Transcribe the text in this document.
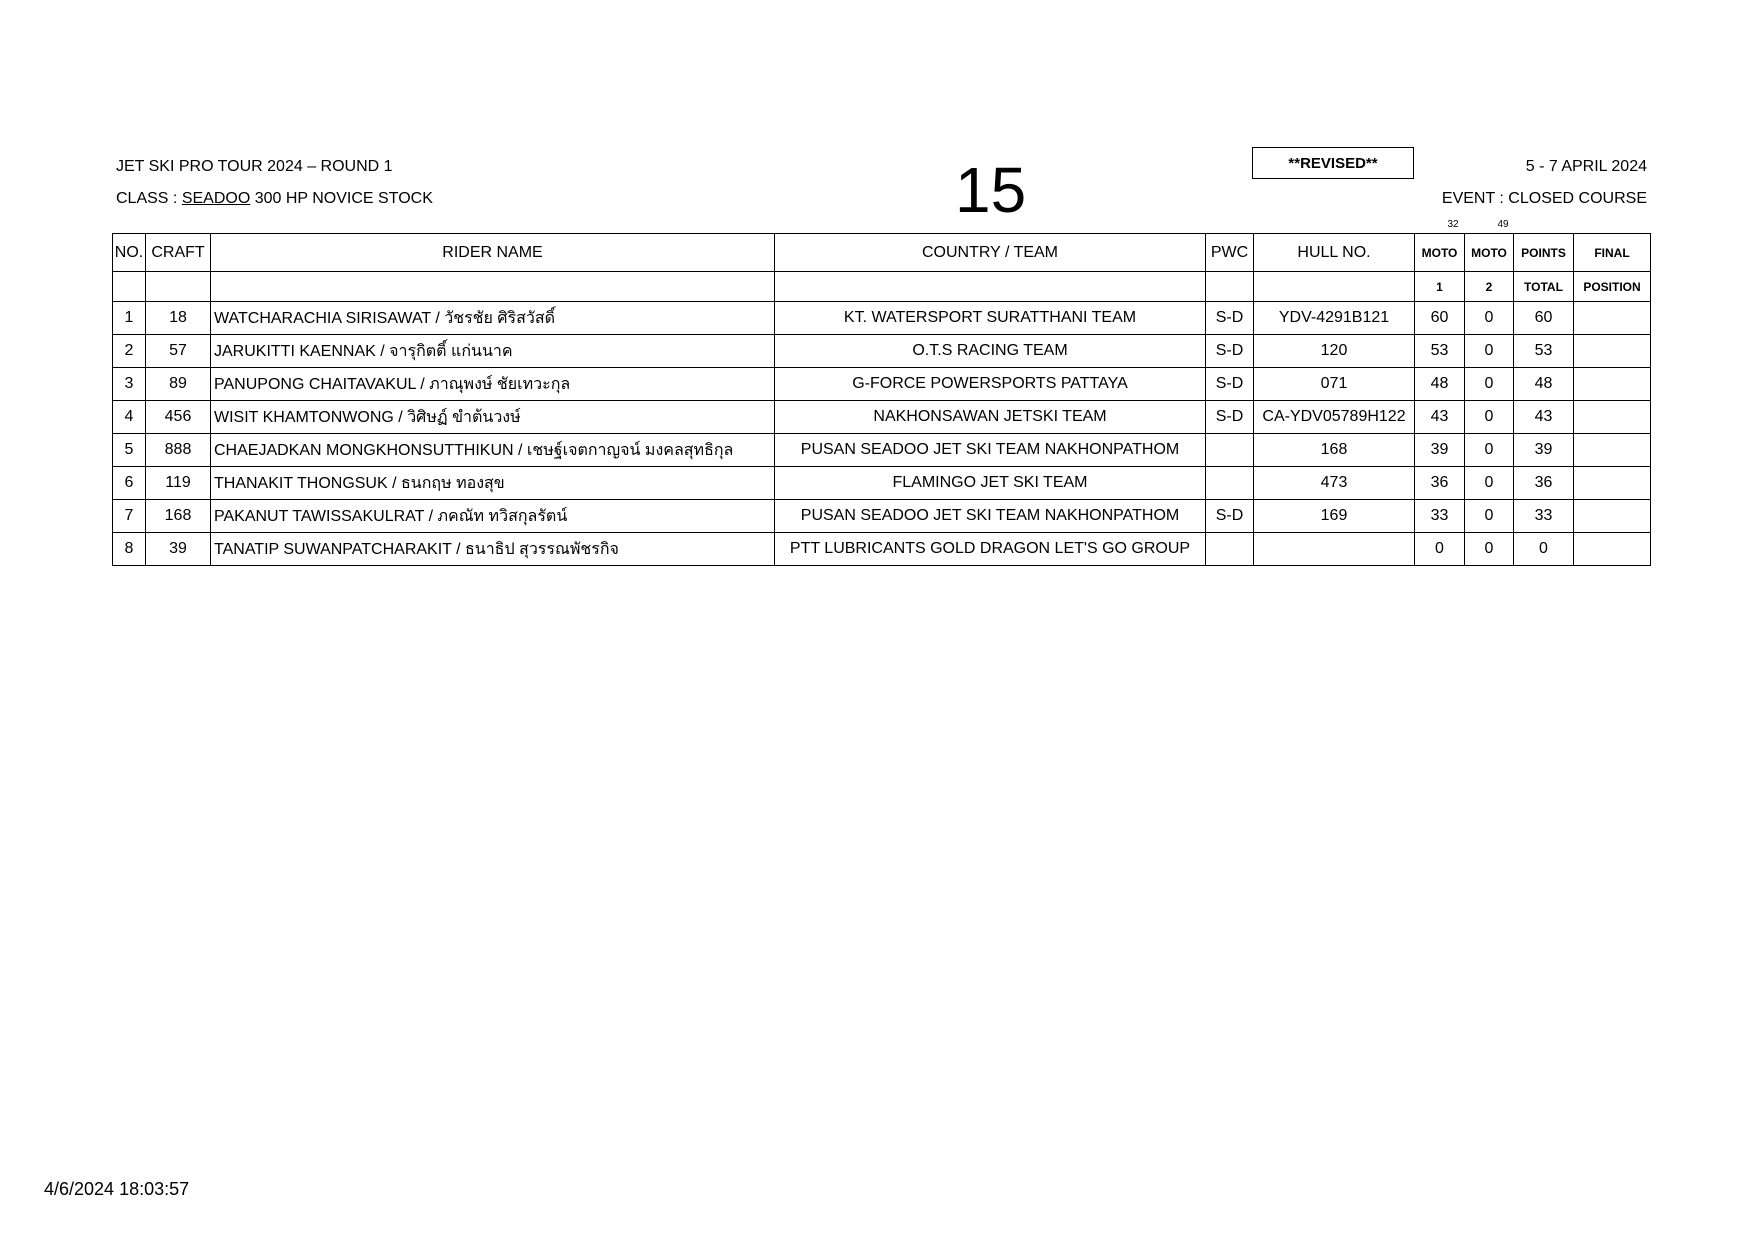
JET SKI PRO TOUR 2024 – ROUND 1
CLASS : SEADOO 300 HP NOVICE STOCK	15	**REVISED**	5 - 7 APRIL 2024
EVENT : CLOSED COURSE
32	49
NO.	CRAFT	RIDER NAME	COUNTRY / TEAM	PWC	HULL NO.	MOTO	MOTO	POINTS	FINAL
						1	2	TOTAL	POSITION
1	18	WATCHARACHIA SIRISAWAT / วัชรชัย ศิริสวัสดิ์	KT. WATERSPORT SURATTHANI TEAM	S-D	YDV-4291B121	60	0	60	
2	57	JARUKITTI KAENNAK / จารุกิตติ์ แก่นนาค	O.T.S RACING TEAM	S-D	120	53	0	53	
3	89	PANUPONG CHAITAVAKUL / ภาณุพงษ์ ชัยเทวะกุล	G-FORCE POWERSPORTS PATTAYA	S-D	071	48	0	48	
4	456	WISIT KHAMTONWONG / วิศิษฏ์ ขำต้นวงษ์	NAKHONSAWAN JETSKI TEAM	S-D	CA-YDV05789H122	43	0	43	
5	888	CHAEJADKAN MONGKHONSUTTHIKUN / เชษฐ์เจตกาญจน์ มงคลสุทธิกุล	PUSAN SEADOO JET SKI TEAM NAKHONPATHOM		168	39	0	39	
6	119	THANAKIT THONGSUK / ธนกฤษ ทองสุข	FLAMINGO JET SKI TEAM		473	36	0	36	
7	168	PAKANUT TAWISSAKULRAT / ภคณัท ทวิสกุลรัตน์	PUSAN SEADOO JET SKI TEAM NAKHONPATHOM	S-D	169	33	0	33	
8	39	TANATIP SUWANPATCHARAKIT / ธนาธิป สุวรรณพัชรกิจ	PTT LUBRICANTS GOLD DRAGON LET'S GO GROUP			0	0	0	
4/6/2024 18:03:57
